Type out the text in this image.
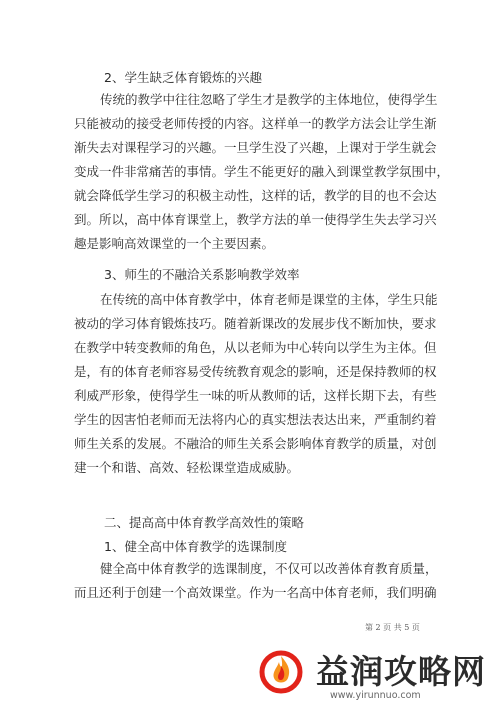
2、学生缺乏体育锻炼的兴趣
传统的教学中往往忽略了学生才是教学的主体地位，使得学生
只能被动的接受老师传授的内容。这样单一的教学方法会让学生渐
渐失去对课程学习的兴趣。一旦学生没了兴趣，上课对于学生就会
变成一件非常痛苦的事情。学生不能更好的融入到课堂教学氛围中，
就会降低学生学习的积极主动性，这样的话，教学的目的也不会达
到。所以，高中体育课堂上，教学方法的单一使得学生失去学习兴
趣是影响高效课堂的一个主要因素。
3、师生的不融洽关系影响教学效率
在传统的高中体育教学中，体育老师是课堂的主体，学生只能
被动的学习体育锻炼技巧。随着新课改的发展步伐不断加快，要求
在教学中转变教师的角色，从以老师为中心转向以学生为主体。但
是，有的体育老师容易受传统教育观念的影响，还是保持教师的权
利威严形象，使得学生一味的听从教师的话，这样长期下去，有些
学生的因害怕老师而无法将内心的真实想法表达出来，严重制约着
师生关系的发展。不融洽的师生关系会影响体育教学的质量，对创
建一个和谐、高效、轻松课堂造成威胁。
二、提高高中体育教学高效性的策略
1、健全高中体育教学的选课制度
健全高中体育教学的选课制度，不仅可以改善体育教育质量，
而且还利于创建一个高效课堂。作为一名高中体育老师，我们明确
第 2 页 共 5 页
益润攻略网
www.yirunnuo.com
